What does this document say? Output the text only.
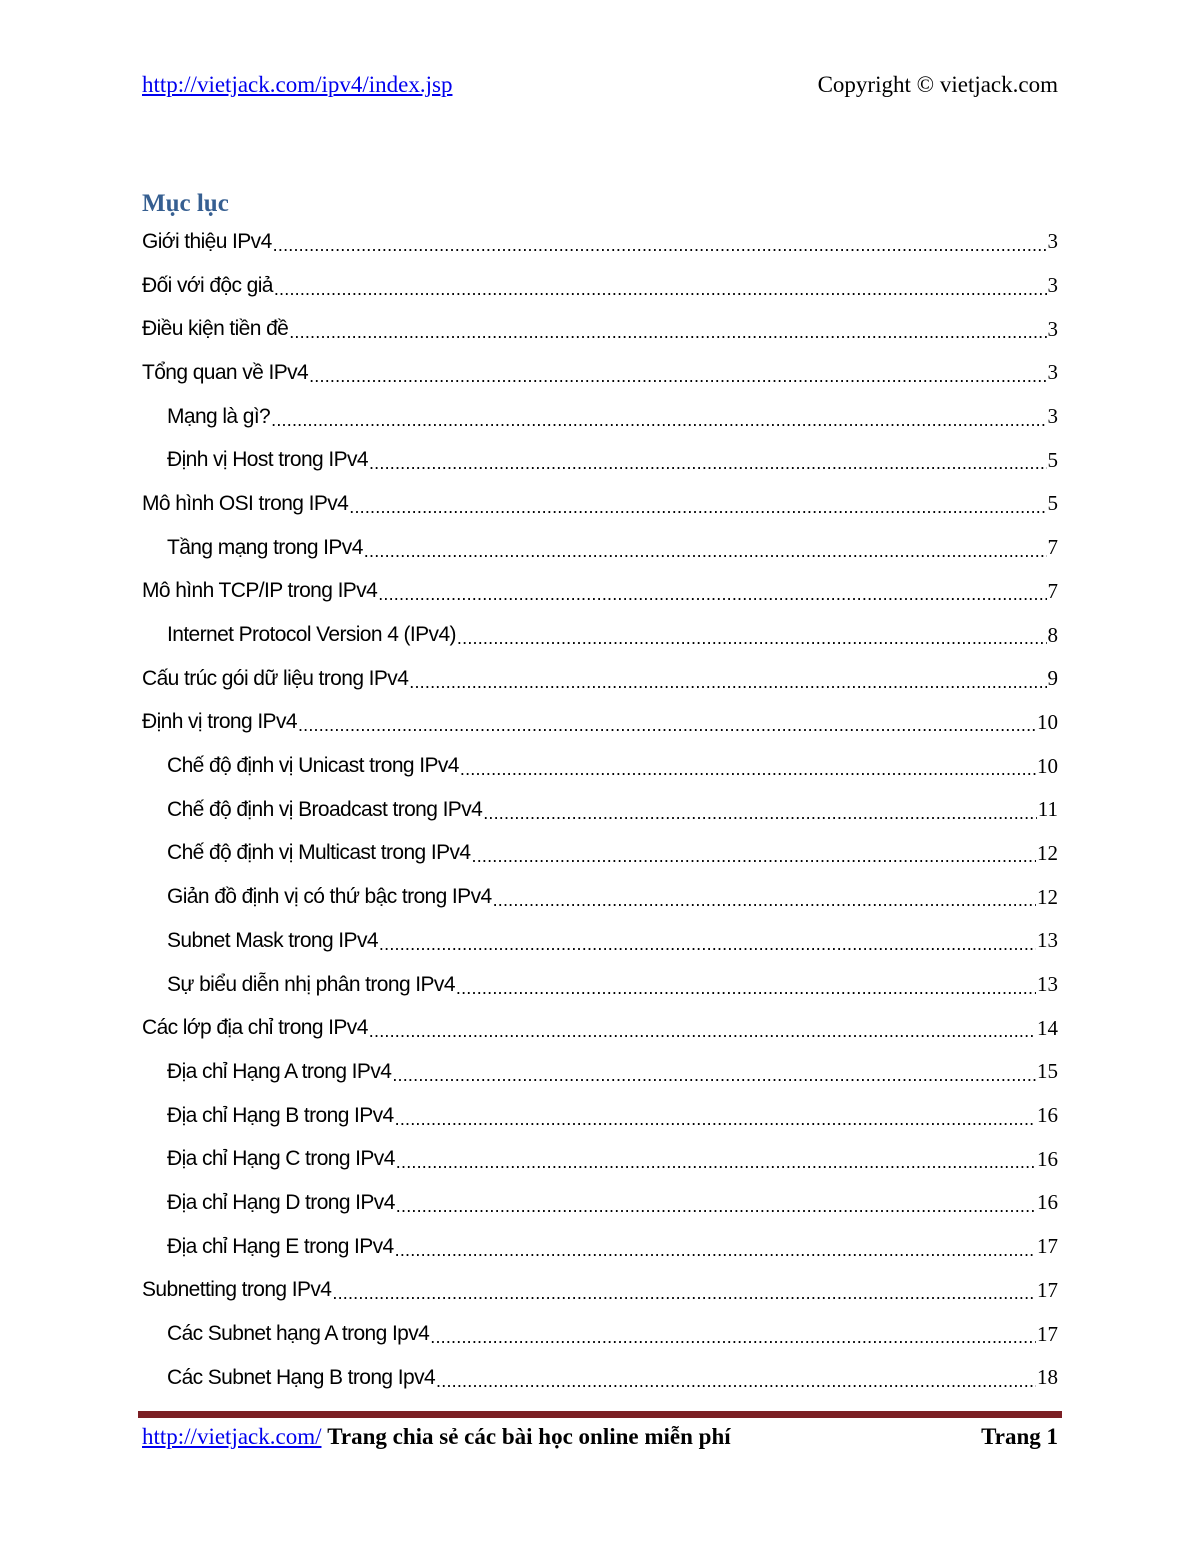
http://vietjack.com/ipv4/index.jsp	Copyright © vietjack.com
Mục lục
Giới thiệu IPv4 .....	3
Đối với độc giả .....	3
Điều kiện tiền đề .....	3
Tổng quan về IPv4 .....	3
Mạng là gì? .....	3
Định vị Host trong IPv4 .....	5
Mô hình OSI trong IPv4 .....	5
Tầng mạng trong IPv4 .....	7
Mô hình TCP/IP trong IPv4 .....	7
Internet Protocol Version 4 (IPv4) .....	8
Cấu trúc gói dữ liệu trong IPv4 .....	9
Định vị trong IPv4 .....	10
Chế độ định vị Unicast trong IPv4 .....	10
Chế độ định vị Broadcast trong IPv4 .....	11
Chế độ định vị Multicast trong IPv4 .....	12
Giản đồ định vị có thứ bậc trong IPv4 .....	12
Subnet Mask trong IPv4 .....	13
Sự biểu diễn nhị phân trong IPv4 .....	13
Các lớp địa chỉ trong IPv4 .....	14
Địa chỉ Hạng A trong IPv4 .....	15
Địa chỉ Hạng B trong IPv4 .....	16
Địa chỉ Hạng C trong IPv4 .....	16
Địa chỉ Hạng D trong IPv4 .....	16
Địa chỉ Hạng E trong IPv4 .....	17
Subnetting trong IPv4 .....	17
Các Subnet hạng A trong Ipv4 .....	17
Các Subnet Hạng B trong Ipv4 .....	18
http://vietjack.com/ Trang chia sẻ các bài học online miễn phí	Trang 1
